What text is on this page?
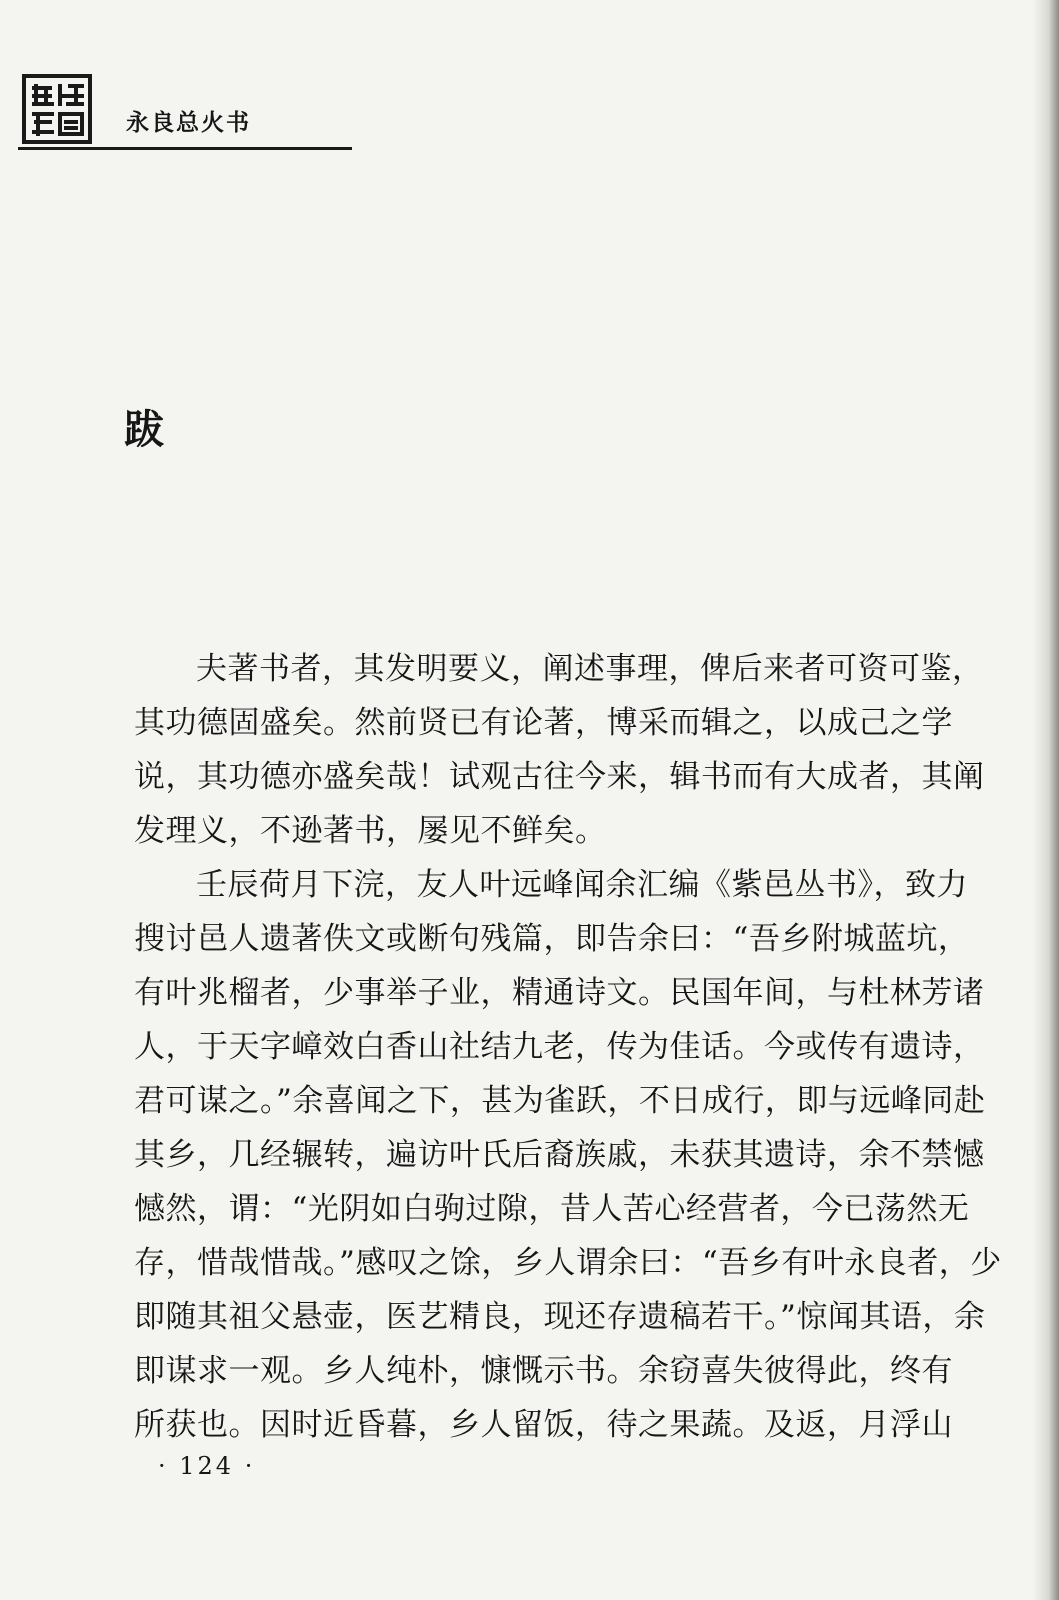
永良总火书
跋
夫著书者，其发明要义，阐述事理，俾后来者可资可鉴，
其功德固盛矣。然前贤已有论著，博采而辑之，以成己之学
说，其功德亦盛矣哉！试观古往今来，辑书而有大成者，其阐
发理义，不逊著书，屡见不鲜矣。
壬辰荷月下浣，友人叶远峰闻余汇编《紫邑丛书》，致力
搜讨邑人遗著佚文或断句残篇，即告余曰：“吾乡附城蓝坑，
有叶兆榴者，少事举子业，精通诗文。民国年间，与杜林芳诸
人，于天字嶂效白香山社结九老，传为佳话。今或传有遗诗，
君可谋之。”余喜闻之下，甚为雀跃，不日成行，即与远峰同赴
其乡，几经辗转，遍访叶氏后裔族戚，未获其遗诗，余不禁憾
憾然，谓：“光阴如白驹过隙，昔人苦心经营者，今已荡然无
存，惜哉惜哉。”感叹之馀，乡人谓余曰：“吾乡有叶永良者，少
即随其祖父悬壶，医艺精良，现还存遗稿若干。”惊闻其语，余
即谋求一观。乡人纯朴，慷慨示书。余窃喜失彼得此，终有
所获也。因时近昏暮，乡人留饭，待之果蔬。及返，月浮山
· 124 ·
